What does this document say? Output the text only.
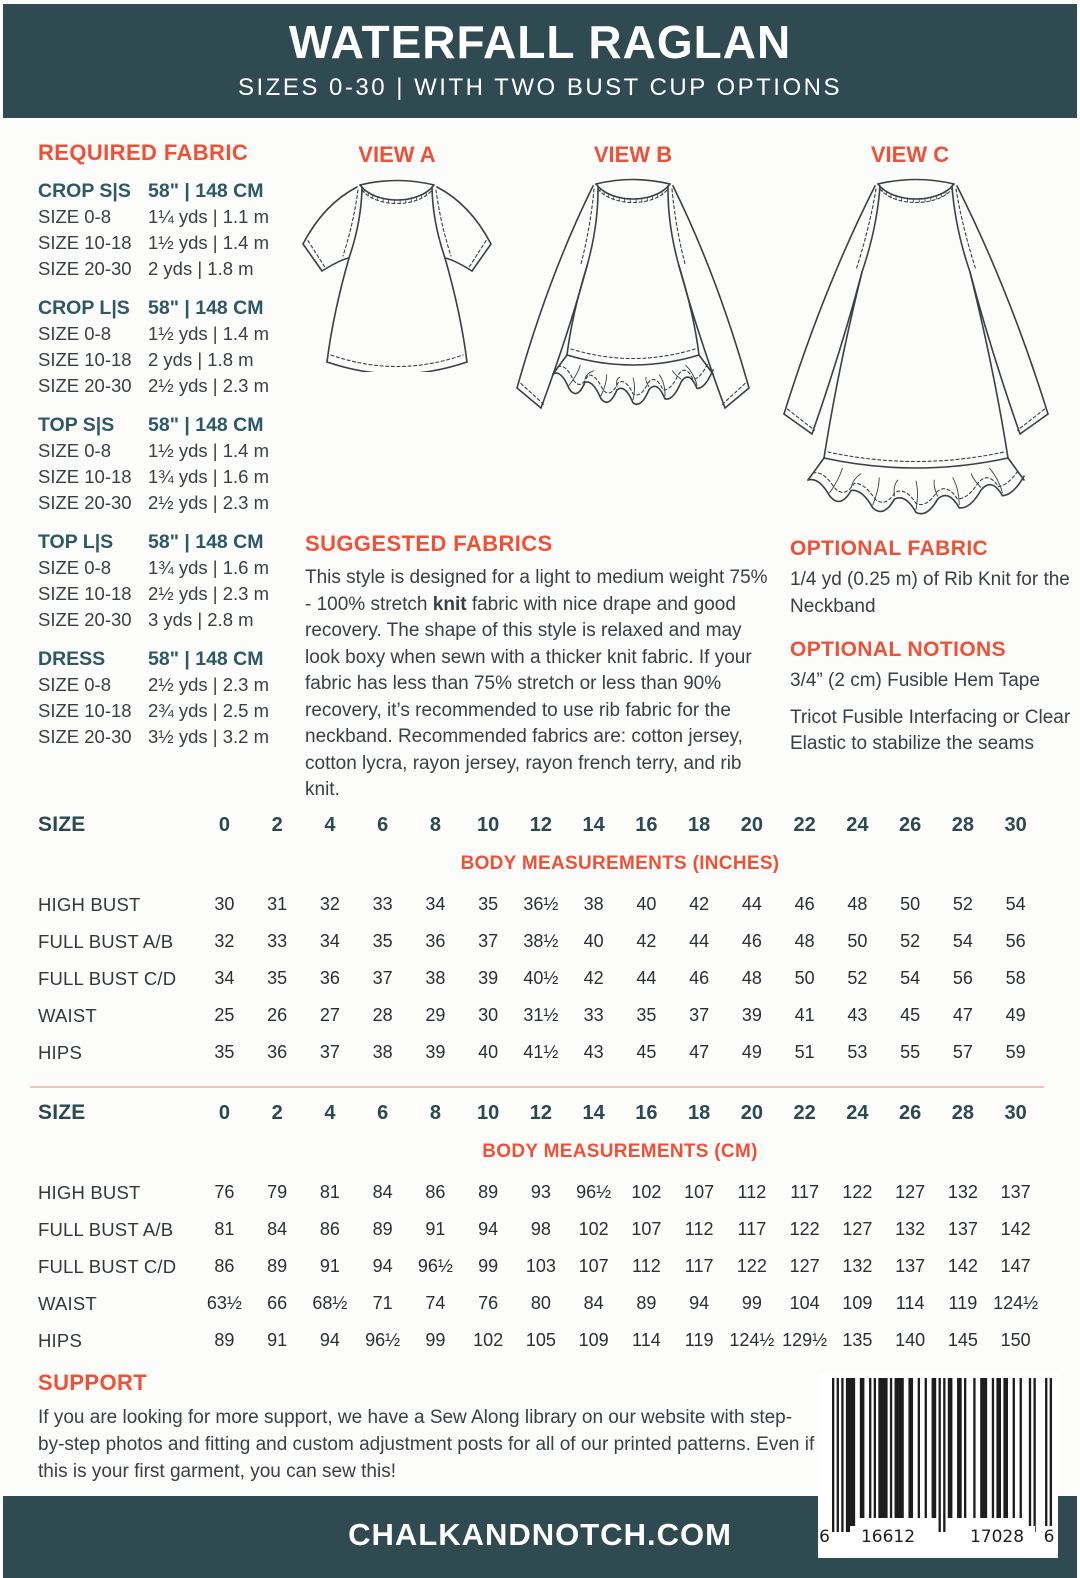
WATERFALL RAGLAN
SIZES 0-30 | WITH TWO BUST CUP OPTIONS
REQUIRED FABRIC
CROP S|S 58" | 148 CM
SIZE 0-8	1¼ yds | 1.1 m
SIZE 10-18 1½ yds | 1.4 m
SIZE 20-30 2 yds | 1.8 m
CROP L|S 58" | 148 CM
SIZE 0-8	1½ yds | 1.4 m
SIZE 10-18 2 yds | 1.8 m
SIZE 20-30 2½ yds | 2.3 m
TOP S|S	58" | 148 CM
SIZE 0-8	1½ yds | 1.4 m
SIZE 10-18 1¾ yds | 1.6 m
SIZE 20-30 2½ yds | 2.3 m
TOP L|S	58" | 148 CM
SIZE 0-8	1¾ yds | 1.6 m
SIZE 10-18 2½ yds | 2.3 m
SIZE 20-30 3 yds | 2.8 m
DRESS	58" | 148 CM
SIZE 0-8	2½ yds | 2.3 m
SIZE 10-18 2¾ yds | 2.5 m
SIZE 20-30 3½ yds | 3.2 m
VIEW A	VIEW B	VIEW C
SUGGESTED FABRICS

This style is designed for a light to medium weight 75% - 100% stretch knit fabric with nice drape and good recovery. The shape of this style is relaxed and may look boxy when sewn with a thicker knit fabric. If your fabric has less than 75% stretch or less than 90% recovery, it’s recommended to use rib fabric for the neckband. Recommended fabrics are: cotton jersey, cotton lycra, rayon jersey, rayon french terry, and rib knit.

OPTIONAL FABRIC

1/4 yd (0.25 m) of Rib Knit for the Neckband

OPTIONAL NOTIONS

3/4” (2 cm) Fusible Hem Tape

Tricot Fusible Interfacing or Clear Elastic to stabilize the seams

SIZE	0	2	4	6	8	10	12	14	16	18	20	22	24	26	28	30
BODY MEASUREMENTS (INCHES)
HIGH BUST	30	31	32	33	34	35	36½	38	40	42	44	46	48	50	52	54
FULL BUST A/B	32	33	34	35	36	37	38½	40	42	44	46	48	50	52	54	56
FULL BUST C/D	34	35	36	37	38	39	40½	42	44	46	48	50	52	54	56	58
WAIST	25	26	27	28	29	30	31½	33	35	37	39	41	43	45	47	49
HIPS	35	36	37	38	39	40	41½	43	45	47	49	51	53	55	57	59
SIZE	0	2	4	6	8	10	12	14	16	18	20	22	24	26	28	30
BODY MEASUREMENTS (CM)
HIGH BUST	76	79	81	84	86	89	93	96½	102	107	112	117	122	127	132	137
FULL BUST A/B	81	84	86	89	91	94	98	102	107	112	117	122	127	132	137	142
FULL BUST C/D	86	89	91	94	96½	99	103	107	112	117	122	127	132	137	142	147
WAIST	63½	66	68½	71	74	76	80	84	89	94	99	104	109	114	119 124½
HIPS	89	91	94	96½	99	102	105	109	114	119 124½ 129½ 135	140	145	150
SUPPORT

If you are looking for more support, we have a Sew Along library on our website with step-by-step photos and fitting and custom adjustment posts for all of our printed patterns. Even if this is your first garment, you can sew this!

CHALKANDNOTCH.COM	6	16612	17028	6
